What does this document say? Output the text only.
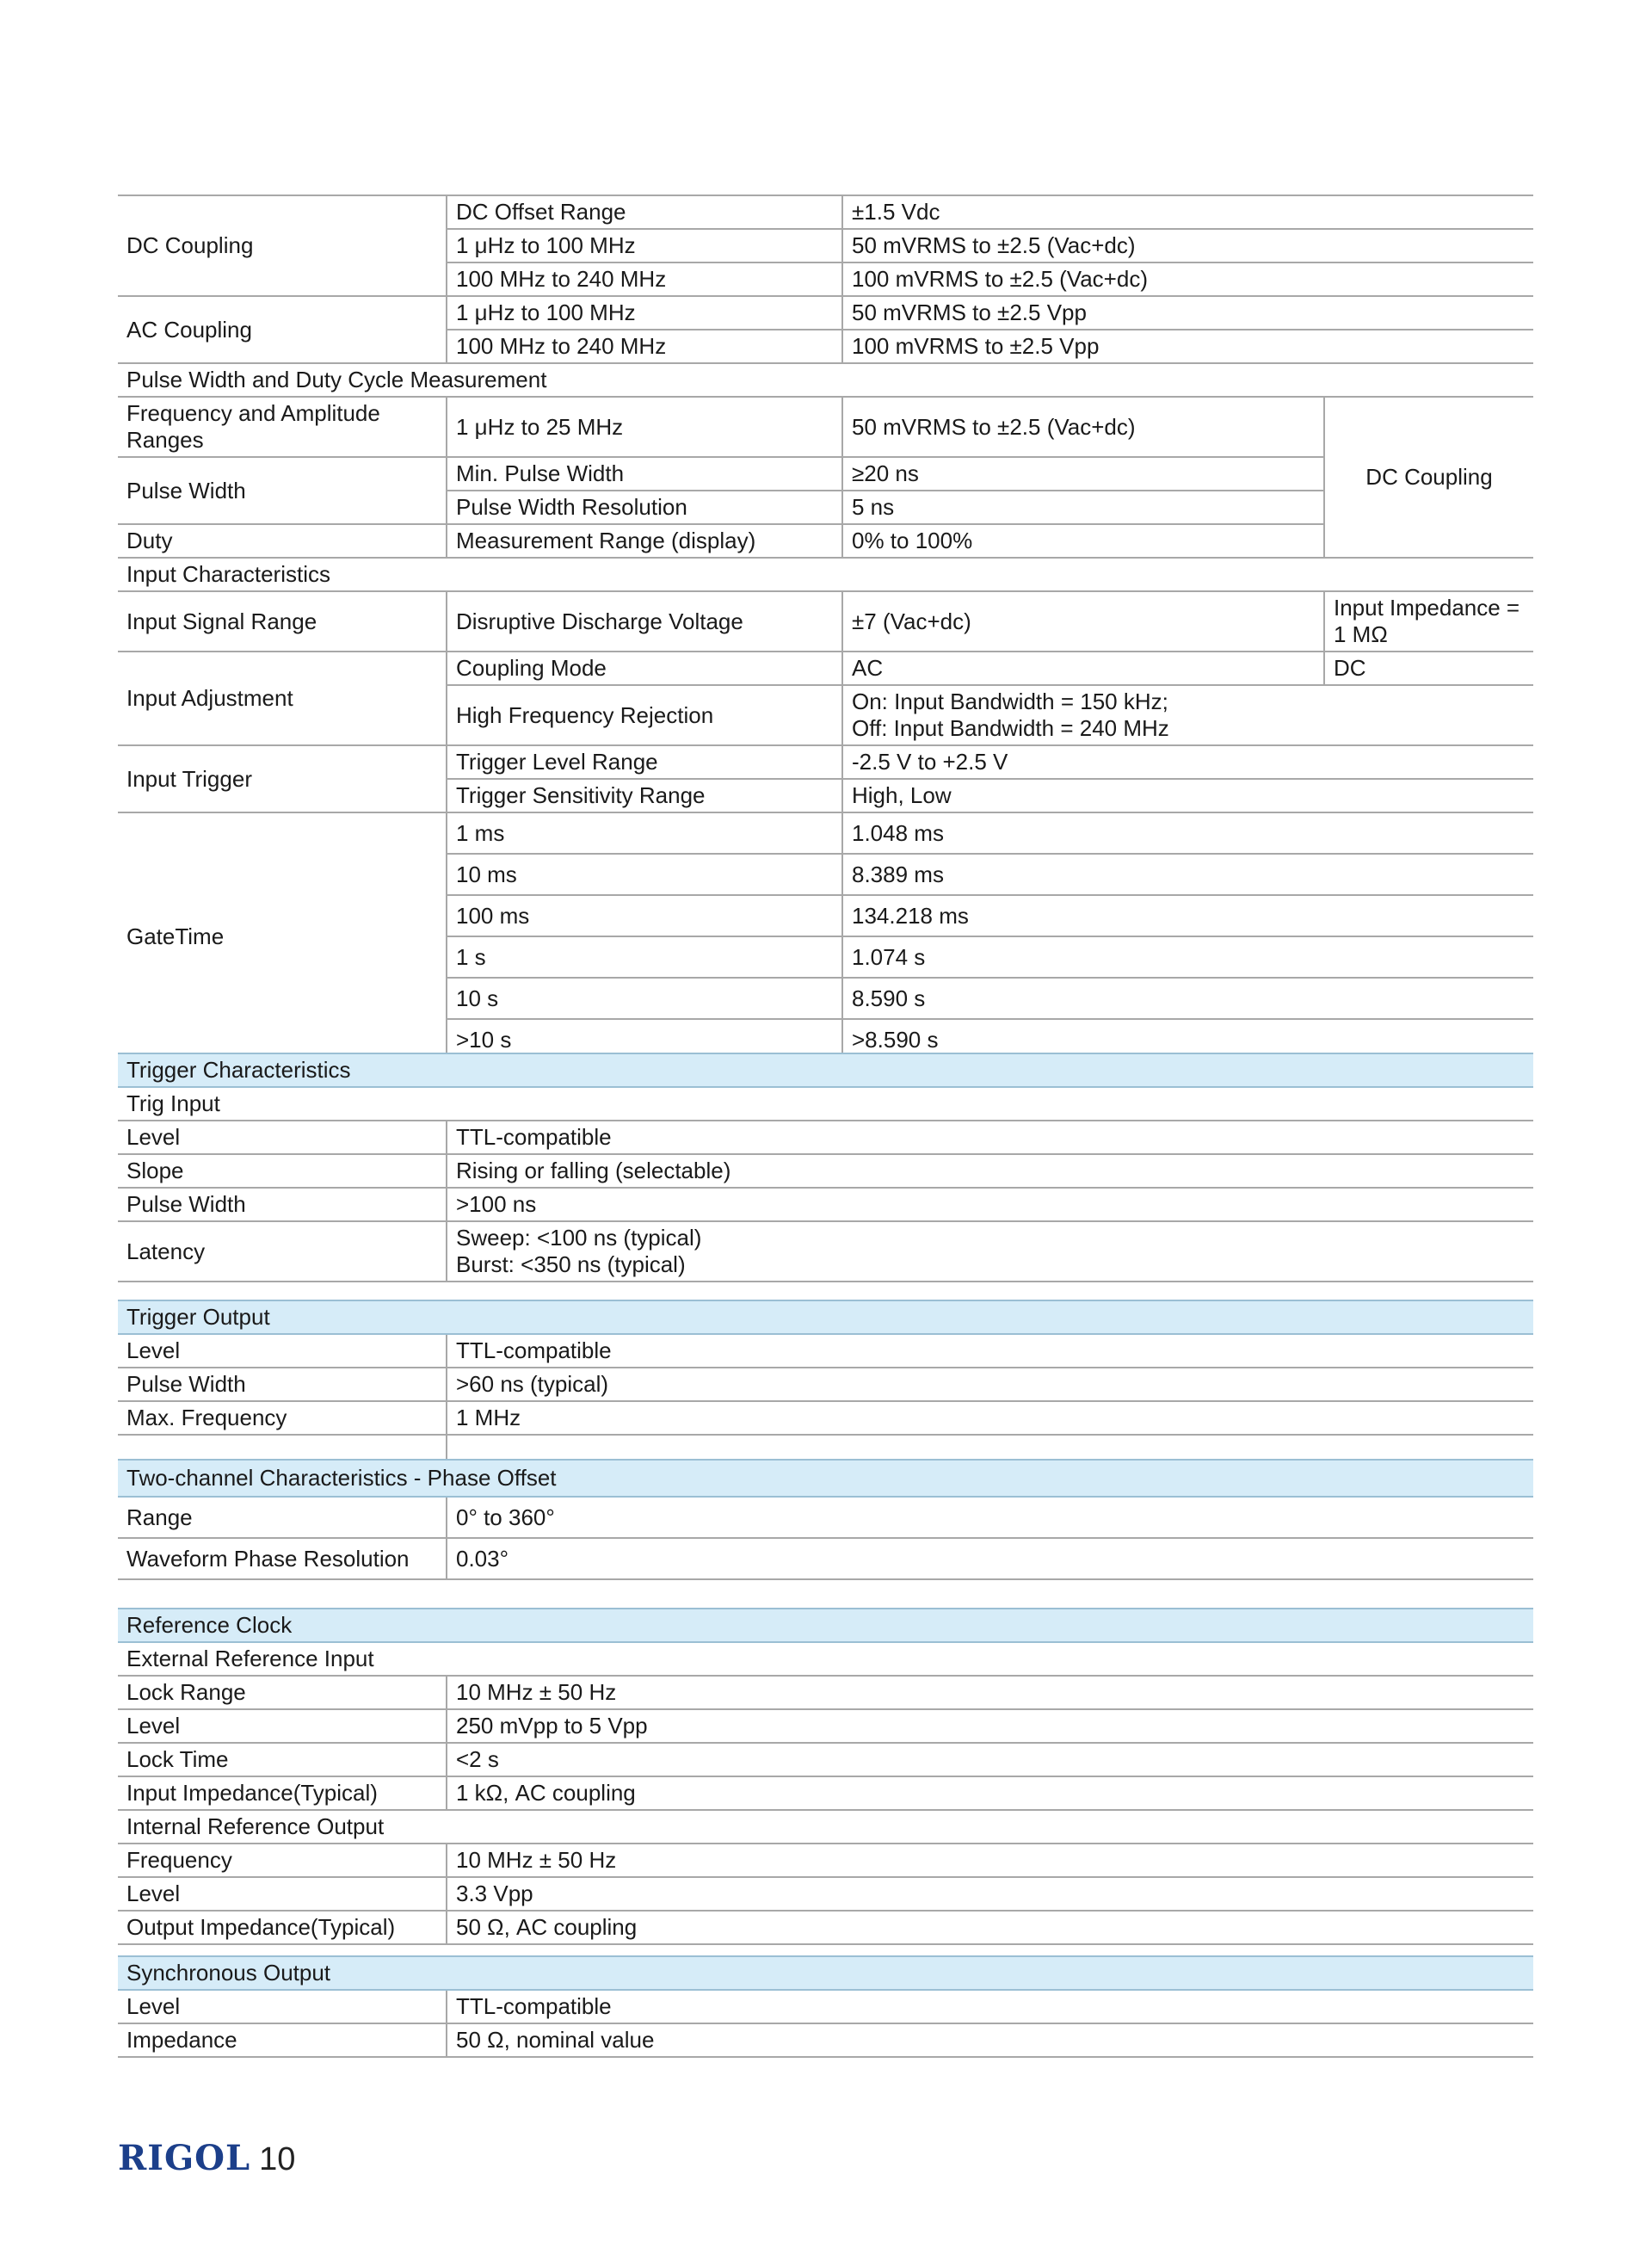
DC Coupling	DC Offset Range	±1.5 Vdc	
	1 μHz to 100 MHz	50 mVRMS to ±2.5 (Vac+dc)	
	100 MHz to 240 MHz	100 mVRMS to ±2.5 (Vac+dc)	
AC Coupling	1 μHz to 100 MHz	50 mVRMS to ±2.5 Vpp	
	100 MHz to 240 MHz	100 mVRMS to ±2.5 Vpp	
Pulse Width and Duty Cycle Measurement			
Frequency and Amplitude Ranges	1 μHz to 25 MHz	50 mVRMS to ±2.5 (Vac+dc)	DC Coupling
Pulse Width	Min. Pulse Width	≥20 ns	
	Pulse Width Resolution	5 ns	
Duty	Measurement Range (display)	0% to 100%	
Input Characteristics			
Input Signal Range	Disruptive Discharge Voltage	±7 (Vac+dc)	Input Impedance =
1 MΩ

Input Adjustment	Coupling Mode	AC	DC
	High Frequency Rejection	On: Input Bandwidth = 150 kHz;
Off: Input Bandwidth = 240 MHz	

Input Trigger	Trigger Level Range	-2.5 V to +2.5 V	
	Trigger Sensitivity Range	High, Low	
GateTime	1 ms	1.048 ms	
	10 ms	8.389 ms	
	100 ms	134.218 ms	
	1 s	1.074 s	
	10 s	8.590 s	
	>10 s	>8.590 s	
Trigger Characteristics	
Trig Input	
Level	TTL-compatible
Slope	Rising or falling (selectable)
Pulse Width	>100 ns
Latency	Sweep: <100 ns (typical)
Burst: <350 ns (typical)
Trigger Output	
Level	TTL-compatible
Pulse Width	>60 ns (typical)
Max. Frequency	1 MHz

Two-channel Characteristics - Phase Offset	
Range	0° to 360°
Waveform Phase Resolution	0.03°
Reference Clock	
External Reference Input	
Lock Range	10 MHz ± 50 Hz
Level	250 mVpp to 5 Vpp
Lock Time	<2 s
Input Impedance(Typical)	1 kΩ, AC coupling
Internal Reference Output	
Frequency	10 MHz ± 50 Hz
Level	3.3 Vpp
Output Impedance(Typical)	50 Ω, AC coupling
Synchronous Output	
Level	TTL-compatible
Impedance	50 Ω, nominal value
RIGOL 10
